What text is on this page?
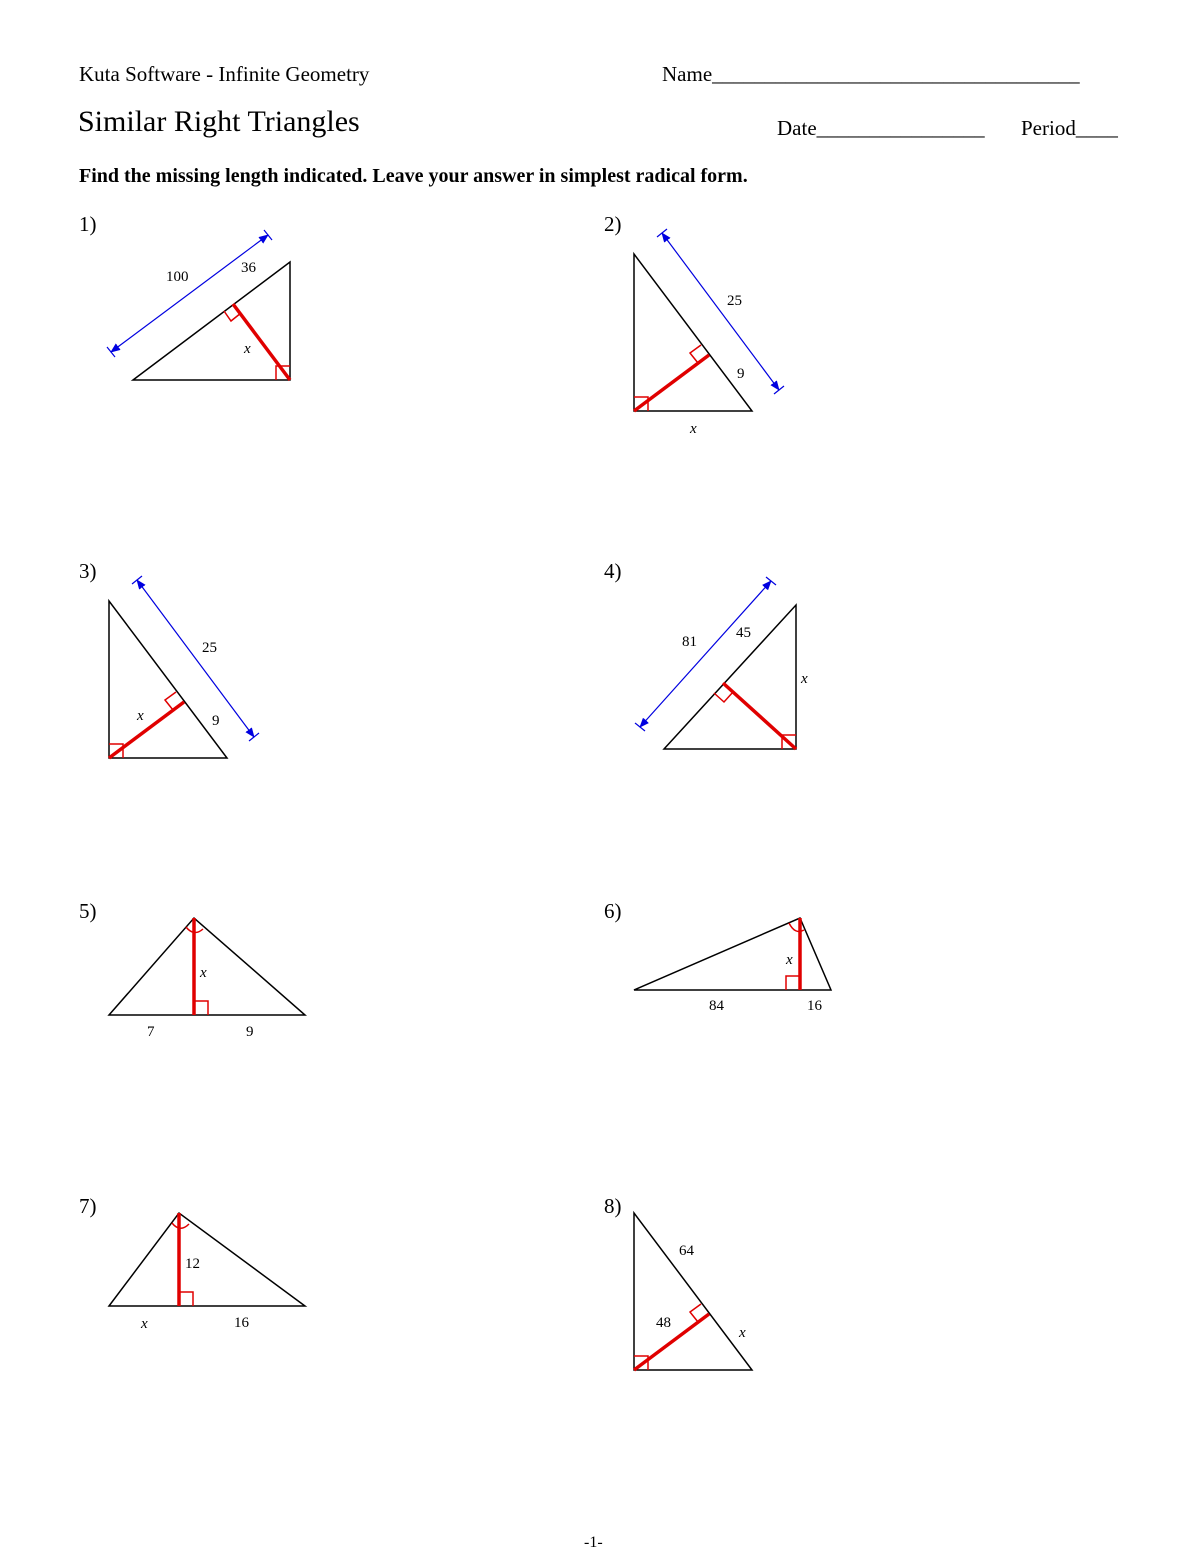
Kuta Software - Infinite Geometry	Name___________________________________
Similar Right Triangles	Date________________ Period____
Find the missing length indicated. Leave your answer in simplest radical form.
1)	2)
3)	4)
5)	6)
7)	8)
100
36
x
25
9
x
25
x	9
81
45
x
x
7	9
x
84	16
12
x	16
64
48
x
-1-
